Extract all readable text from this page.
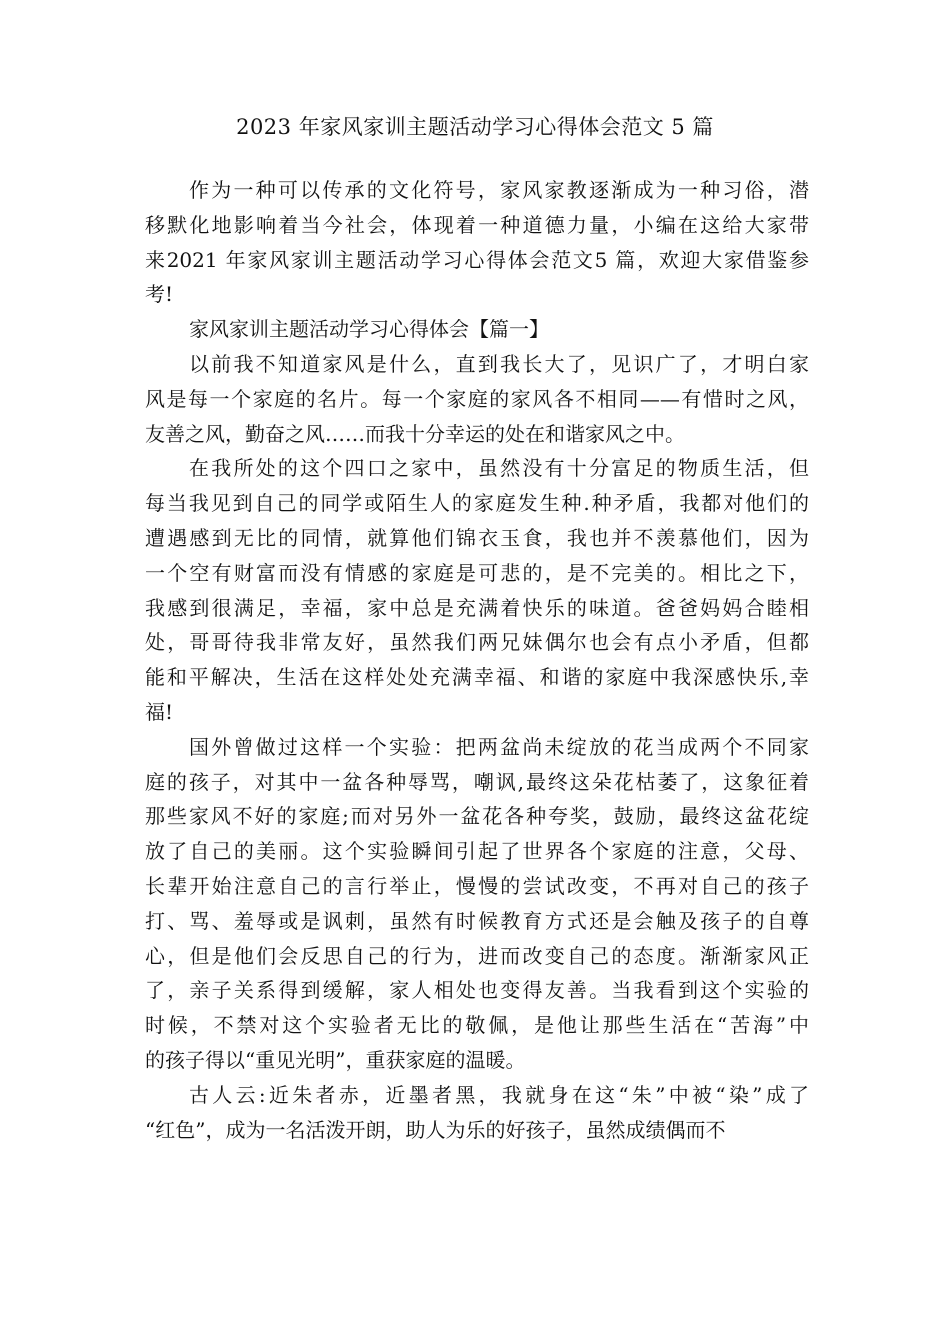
2023 年家风家训主题活动学习心得体会范文 5 篇
作为一种可以传承的文化符号，家风家教逐渐成为一种习俗，潜
移默化地影响着当今社会，体现着一种道德力量，小编在这给大家带
来2021 年家风家训主题活动学习心得体会范文5 篇，欢迎大家借鉴参
考!
家风家训主题活动学习心得体会【篇一】
以前我不知道家风是什么，直到我长大了，见识广了，才明白家
风是每一个家庭的名片。每一个家庭的家风各不相同——有惜时之风，
友善之风，勤奋之风……而我十分幸运的处在和谐家风之中。
在我所处的这个四口之家中，虽然没有十分富足的物质生活，但
每当我见到自己的同学或陌生人的家庭发生种.种矛盾，我都对他们的
遭遇感到无比的同情，就算他们锦衣玉食，我也并不羡慕他们，因为
一个空有财富而没有情感的家庭是可悲的，是不完美的。相比之下，
我感到很满足，幸福，家中总是充满着快乐的味道。爸爸妈妈合睦相
处，哥哥待我非常友好，虽然我们两兄妹偶尔也会有点小矛盾，但都
能和平解决，生活在这样处处充满幸福、和谐的家庭中我深感快乐,幸
福!
国外曾做过这样一个实验：把两盆尚未绽放的花当成两个不同家
庭的孩子，对其中一盆各种辱骂，嘲讽,最终这朵花枯萎了，这象征着
那些家风不好的家庭;而对另外一盆花各种夸奖，鼓励，最终这盆花绽
放了自己的美丽。这个实验瞬间引起了世界各个家庭的注意，父母、
长辈开始注意自己的言行举止，慢慢的尝试改变，不再对自己的孩子
打、骂、羞辱或是讽刺，虽然有时候教育方式还是会触及孩子的自尊
心，但是他们会反思自己的行为，进而改变自己的态度。渐渐家风正
了，亲子关系得到缓解，家人相处也变得友善。当我看到这个实验的
时候，不禁对这个实验者无比的敬佩，是他让那些生活在“苦海”中
的孩子得以“重见光明”，重获家庭的温暖。
古人云:近朱者赤，近墨者黑，我就身在这“朱”中被“染”成了
“红色”，成为一名活泼开朗，助人为乐的好孩子，虽然成绩偶而不
